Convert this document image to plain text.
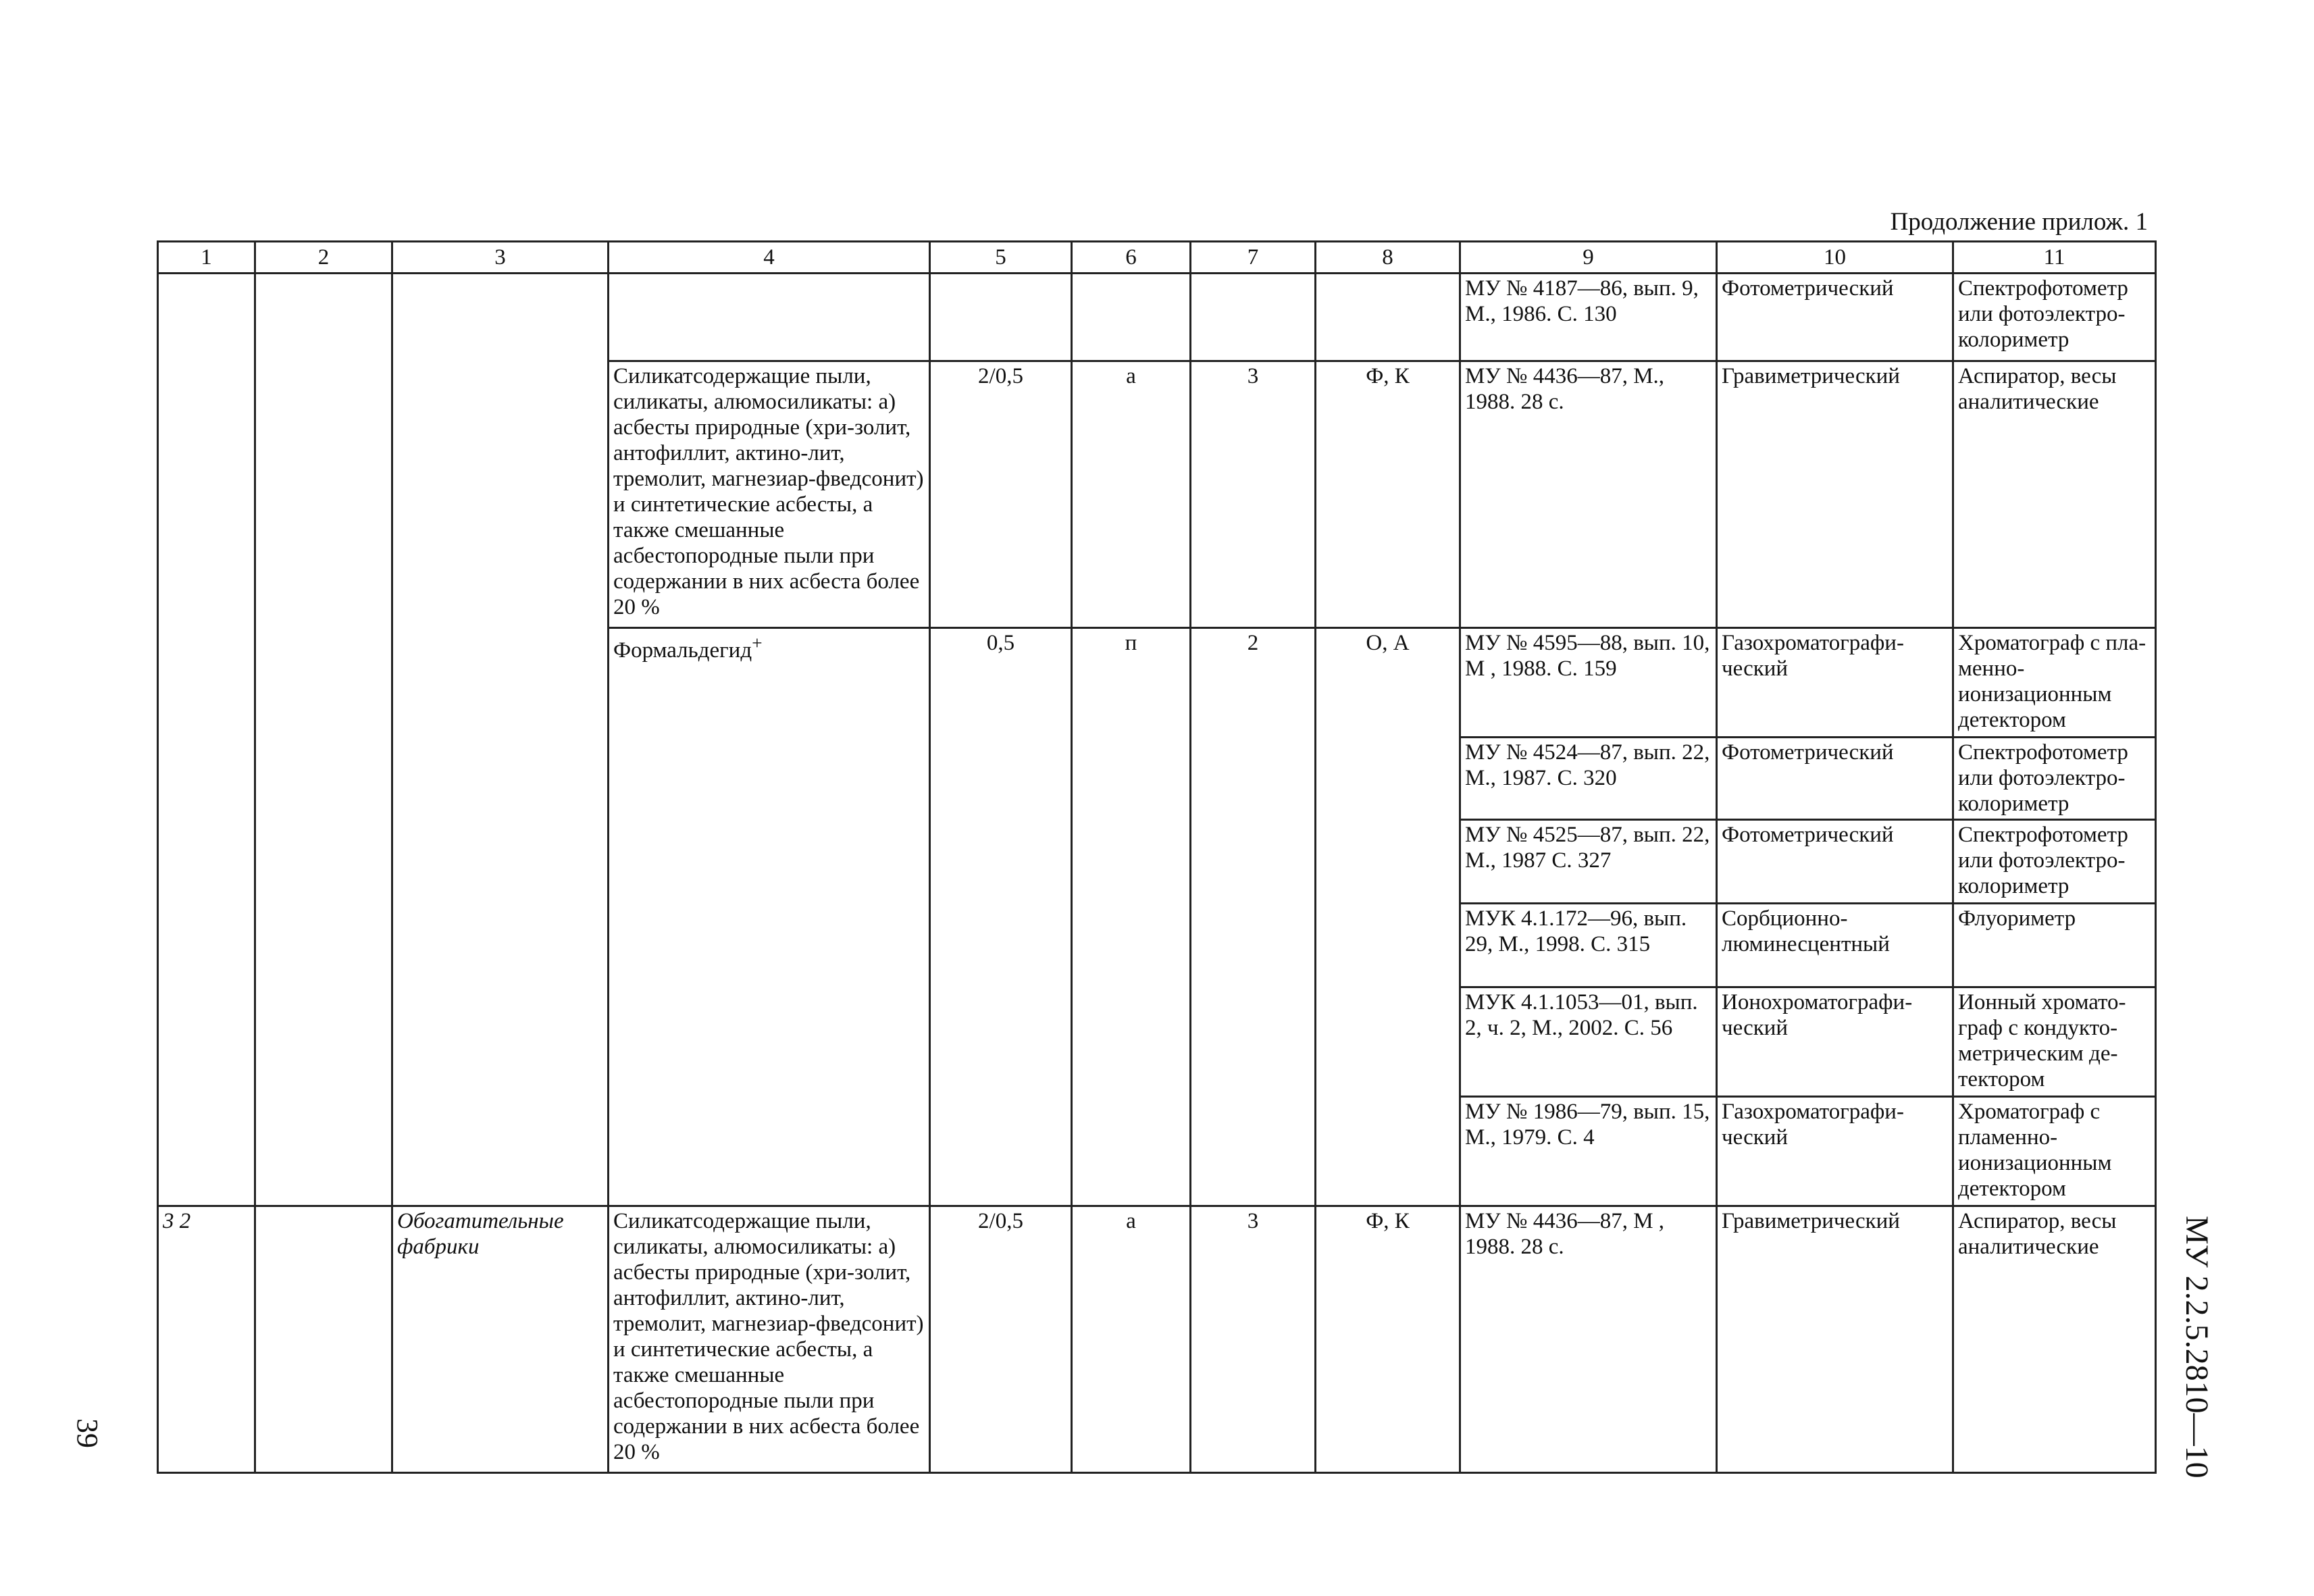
Продолжение прилож. 1
1	2	3	4	5	6	7	8	9	10	11
								МУ № 4187—86, вып. 9, М., 1986. С. 130	Фотометрический	Спектрофотометр или фотоэлектро-колориметр
			Силикатсодержащие пыли, силикаты, алюмосиликаты: а) асбесты природные (хри-золит, антофиллит, актино-лит, тремолит, магнезиар-фведсонит) и синтетические асбесты, а также смешанные асбестопородные пыли при содержании в них асбеста более 20 %	2/0,5	а	3	Ф, К	МУ № 4436—87, М., 1988. 28 с.	Гравиметрический	Аспиратор, весы аналитические
			Формальдегид+	0,5	п	2	О, А	МУ № 4595—88, вып. 10, М , 1988. С. 159	Газохроматографи-ческий	Хроматограф с пла-менно-ионизационным детектором
								МУ № 4524—87, вып. 22, М., 1987. С. 320	Фотометрический	Спектрофотометр или фотоэлектро-колориметр
								МУ № 4525—87, вып. 22, М., 1987 С. 327	Фотометрический	Спектрофотометр или фотоэлектро-колориметр
								МУК 4.1.172—96, вып. 29, М., 1998. С. 315	Сорбционно-люминесцентный	Флуориметр
								МУК 4.1.1053—01, вып. 2, ч. 2, М., 2002. С. 56	Ионохроматографи-ческий	Ионный хромато-граф с кондукто-метрическим де-тектором
								МУ № 1986—79, вып. 15, М., 1979. С. 4	Газохроматографи-ческий	Хроматограф с пламенно-ионизационным детектором
3 2		Обогатительные фабрики	Силикатсодержащие пыли, силикаты, алюмосиликаты: а) асбесты природные (хри-золит, антофиллит, актино-лит, тремолит, магнезиар-фведсонит) и синтетические асбесты, а также смешанные асбестопородные пыли при содержании в них асбеста более 20 %	2/0,5	а	3	Ф, К	МУ № 4436—87, М , 1988. 28 с.	Гравиметрический	Аспиратор, весы аналитические
39	МУ 2.2.5.2810—10
